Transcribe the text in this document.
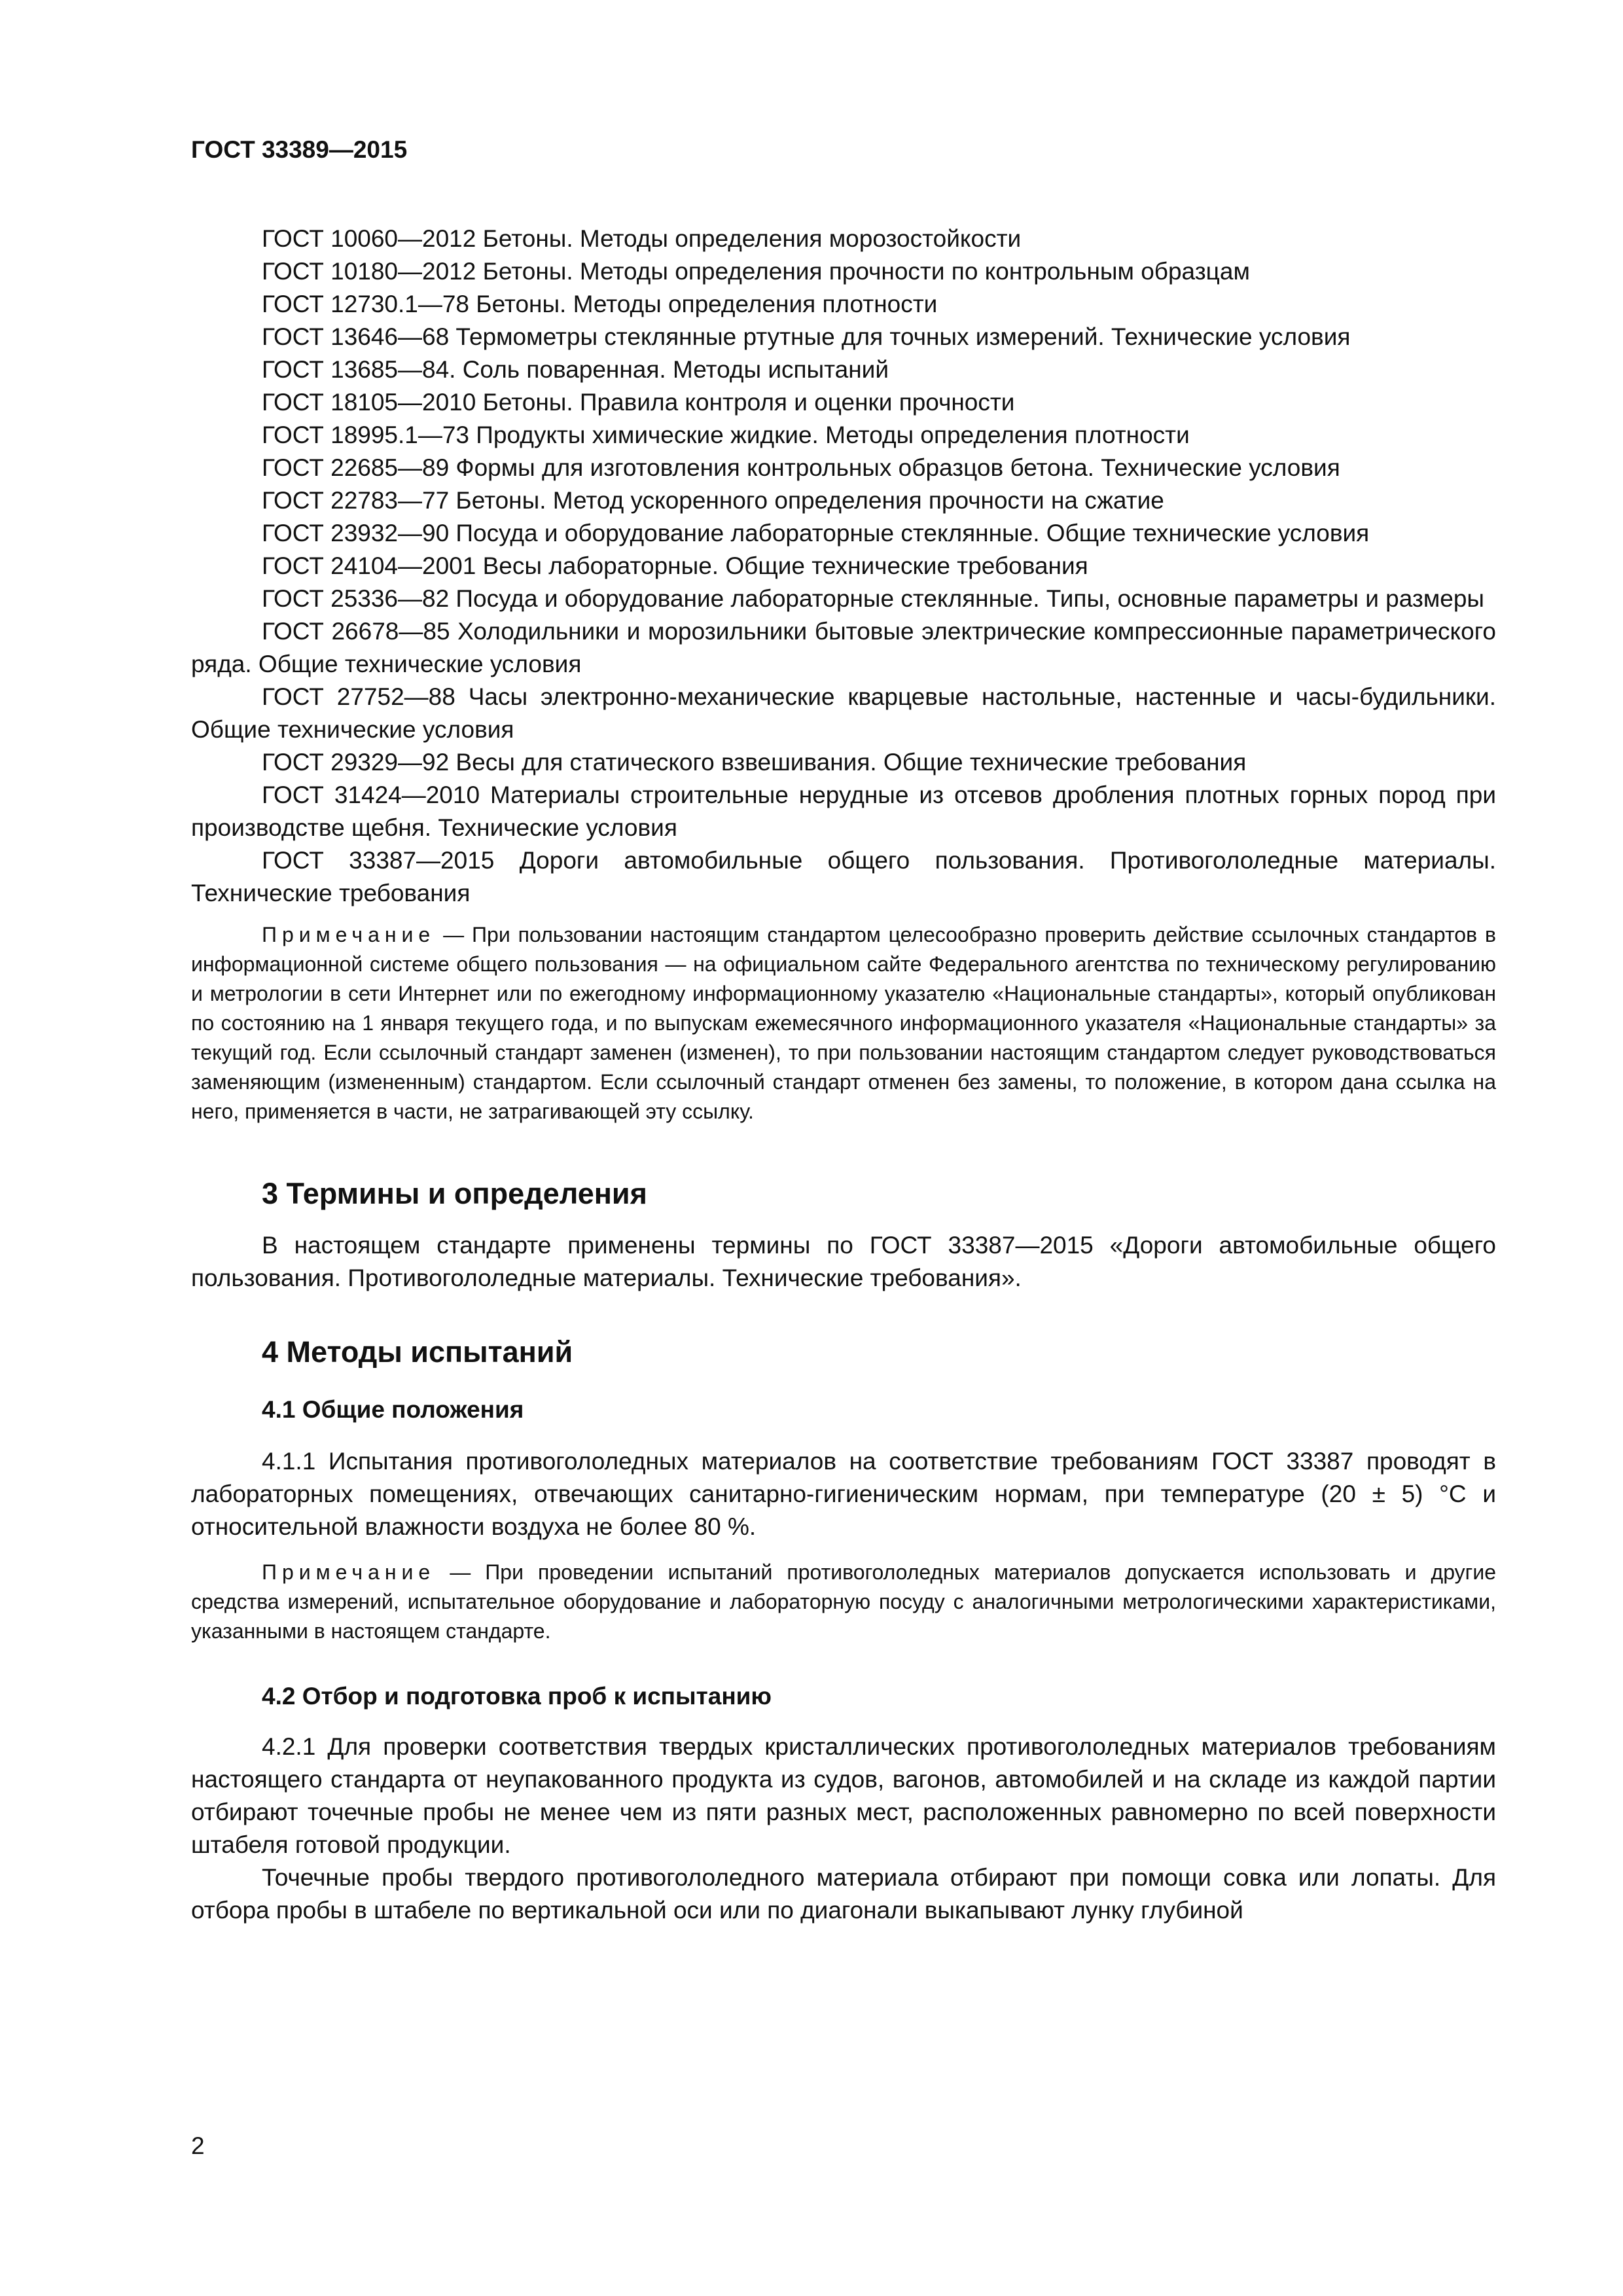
ГОСТ 33389—2015

ГОСТ 10060—2012 Бетоны. Методы определения морозостойкости

ГОСТ 10180—2012 Бетоны. Методы определения прочности по контрольным образцам

ГОСТ 12730.1—78 Бетоны. Методы определения плотности

ГОСТ 13646—68 Термометры стеклянные ртутные для точных измерений. Технические условия

ГОСТ 13685—84. Соль поваренная. Методы испытаний

ГОСТ 18105—2010 Бетоны. Правила контроля и оценки прочности

ГОСТ 18995.1—73 Продукты химические жидкие. Методы определения плотности

ГОСТ 22685—89 Формы для изготовления контрольных образцов бетона. Технические условия

ГОСТ 22783—77 Бетоны. Метод ускоренного определения прочности на сжатие

ГОСТ 23932—90 Посуда и оборудование лабораторные стеклянные. Общие технические условия

ГОСТ 24104—2001 Весы лабораторные. Общие технические требования

ГОСТ 25336—82 Посуда и оборудование лабораторные стеклянные. Типы, основные параметры и размеры

ГОСТ 26678—85 Холодильники и морозильники бытовые электрические компрессионные параметрического ряда. Общие технические условия

ГОСТ 27752—88 Часы электронно-механические кварцевые настольные, настенные и часы-будильники. Общие технические условия

ГОСТ 29329—92 Весы для статического взвешивания. Общие технические требования

ГОСТ 31424—2010 Материалы строительные нерудные из отсевов дробления плотных горных пород при производстве щебня. Технические условия

ГОСТ 33387—2015 Дороги автомобильные общего пользования. Противогололедные материалы. Технические требования

Примечание — При пользовании настоящим стандартом целесообразно проверить действие ссылочных стандартов в информационной системе общего пользования — на официальном сайте Федерального агентства по техническому регулированию и метрологии в сети Интернет или по ежегодному информационному указателю «Национальные стандарты», который опубликован по состоянию на 1 января текущего года, и по выпускам ежемесячного информационного указателя «Национальные стандарты» за текущий год. Если ссылочный стандарт заменен (изменен), то при пользовании настоящим стандартом следует руководствоваться заменяющим (измененным) стандартом. Если ссылочный стандарт отменен без замены, то положение, в котором дана ссылка на него, применяется в части, не затрагивающей эту ссылку.

3 Термины и определения

В настоящем стандарте применены термины по ГОСТ 33387—2015 «Дороги автомобильные общего пользования. Противогололедные материалы. Технические требования».

4 Методы испытаний
4.1 Общие положения

4.1.1 Испытания противогололедных материалов на соответствие требованиям ГОСТ 33387 проводят в лабораторных помещениях, отвечающих санитарно-гигиеническим нормам, при температуре (20 ± 5) °С и относительной влажности воздуха не более 80 %.

Примечание — При проведении испытаний противогололедных материалов допускается использовать и другие средства измерений, испытательное оборудование и лабораторную посуду с аналогичными метрологическими характеристиками, указанными в настоящем стандарте.

4.2 Отбор и подготовка проб к испытанию

4.2.1 Для проверки соответствия твердых кристаллических противогололедных материалов требованиям настоящего стандарта от неупакованного продукта из судов, вагонов, автомобилей и на складе из каждой партии отбирают точечные пробы не менее чем из пяти разных мест, расположенных равномерно по всей поверхности штабеля готовой продукции.

Точечные пробы твердого противогололедного материала отбирают при помощи совка или лопаты. Для отбора пробы в штабеле по вертикальной оси или по диагонали выкапывают лунку глубиной

2
